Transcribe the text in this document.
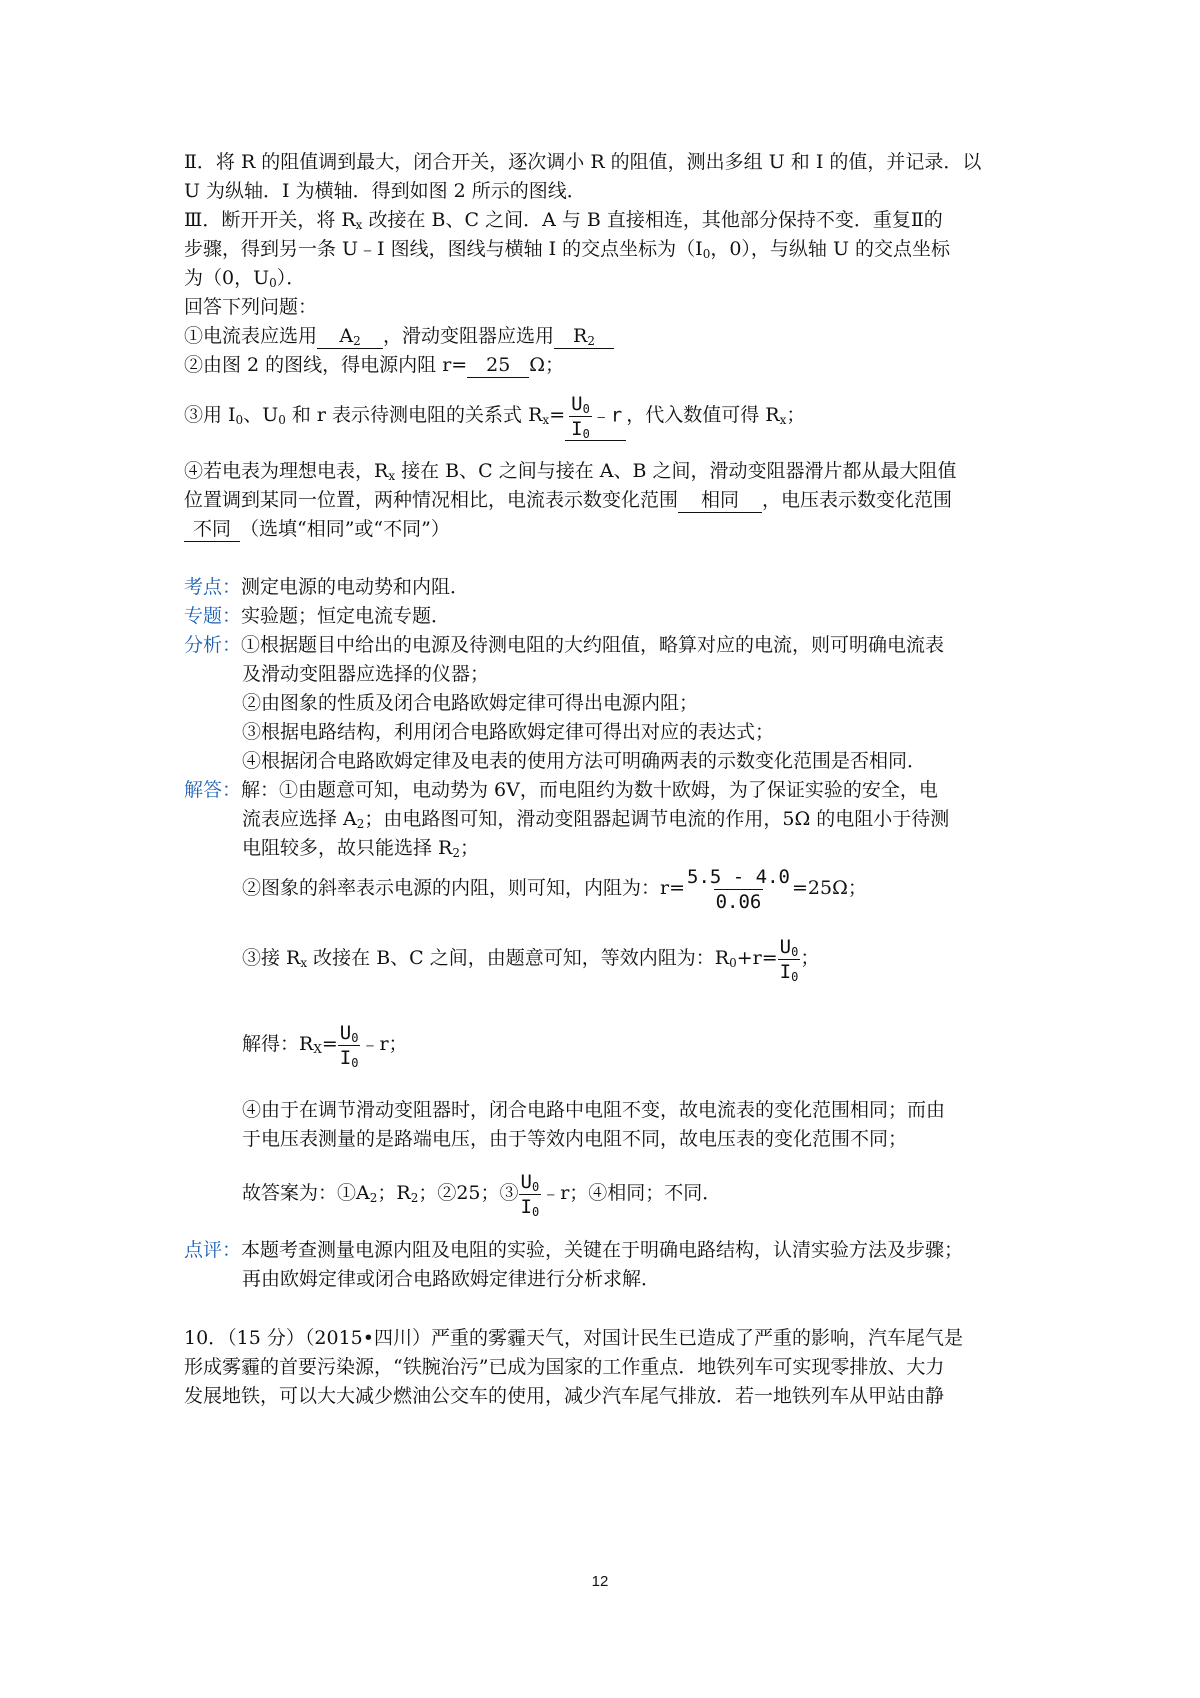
Ⅱ．将 R 的阻值调到最大，闭合开关，逐次调小 R 的阻值，测出多组 U 和 I 的值，并记录．以
U 为纵轴．I 为横轴．得到如图 2 所示的图线．
Ⅲ．断开开关，将 $R_x$ 改接在 B、C 之间．A 与 B 直接相连，其他部分保持不变．重复Ⅱ的
步骤，得到另一条 U﹣I 图线，图线与横轴 I 的交点坐标为（$I_0$，0），与纵轴 U 的交点坐标
为（0，$U_0$）．
回答下列问题：
①电流表应选用 $A_2$ ，滑动变阻器应选用 $R_2$
②由图 2 的图线，得电源内阻 r= 25 Ω；
③用 $I_0$、$U_0$ 和 r 表示待测电阻的关系式 $R_x= \frac{U_0}{I_0}$ ﹣r ，代入数值可得 $R_x$；
④若电表为理想电表，$R_x$ 接在 B、C 之间与接在 A、B 之间，滑动变阻器滑片都从最大阻值
位置调到某同一位置，两种情况相比，电流表示数变化范围 相同 ，电压表示数变化范围
不同 （选填“相同”或“不同”）
考点：测定电源的电动势和内阻．
专题：实验题；恒定电流专题．
分析：①根据题目中给出的电源及待测电阻的大约阻值，略算对应的电流，则可明确电流表
及滑动变阻器应选择的仪器；
②由图象的性质及闭合电路欧姆定律可得出电源内阻；
③根据电路结构，利用闭合电路欧姆定律可得出对应的表达式；
④根据闭合电路欧姆定律及电表的使用方法可明确两表的示数变化范围是否相同．
解答：解：①由题意可知，电动势为 6V，而电阻约为数十欧姆，为了保证实验的安全，电
流表应选择 $A_2$；由电路图可知，滑动变阻器起调节电流的作用，5Ω 的电阻小于待测
电阻较多，故只能选择 $R_2$；
②图象的斜率表示电源的内阻，则可知，内阻为：$r= \frac{5.5 - 4.0}{0.06} =25\Omega$；
③接 $R_x$ 改接在 B、C 之间，由题意可知，等效内阻为：$R_0+r= \frac{U_0}{I_0}$ ；
解得：$R_X= \frac{U_0}{I_0}$ ﹣r；
④由于在调节滑动变阻器时，闭合电路中电阻不变，故电流表的变化范围相同；而由
于电压表测量的是路端电压，由于等效内电阻不同，故电压表的变化范围不同；
故答案为：$①A_2$；$R_2$；②25；③ $\frac{U_0}{I_0}$ ﹣r；④相同；不同．
点评：本题考查测量电源内阻及电阻的实验，关键在于明确电路结构，认清实验方法及步骤；
再由欧姆定律或闭合电路欧姆定律进行分析求解．
10．（15 分）（2015•四川）严重的雾霾天气，对国计民生已造成了严重的影响，汽车尾气是
形成雾霾的首要污染源，“铁腕治污”已成为国家的工作重点．地铁列车可实现零排放、大力
发展地铁，可以大大减少燃油公交车的使用，减少汽车尾气排放．若一地铁列车从甲站由静
12
